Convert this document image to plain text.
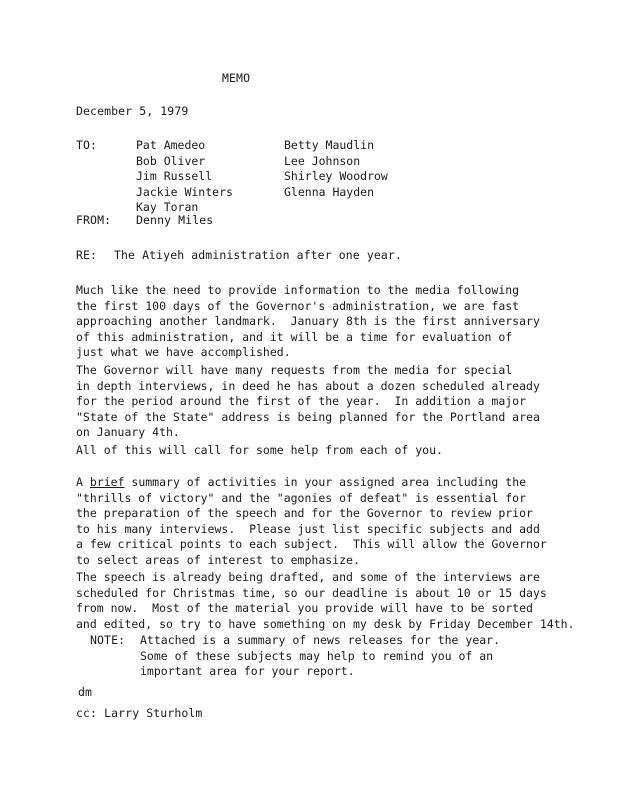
MEMO
December 5, 1979
TO:	Pat Amedeo
Bob Oliver
Jim Russell
Jackie Winters
Kay Toran
Betty Maudlin
Lee Johnson
Shirley Woodrow
Glenna Hayden
FROM: Denny Miles
RE: The Atiyeh administration after one year.
Much like the need to provide information to the media following
the first 100 days of the Governor's administration, we are fast
approaching another landmark.  January 8th is the first anniversary
of this administration, and it will be a time for evaluation of
just what we have accomplished.
The Governor will have many requests from the media for special
in depth interviews, in deed he has about a dozen scheduled already
for the period around the first of the year.  In addition a major
"State of the State" address is being planned for the Portland area
on January 4th.
All of this will call for some help from each of you.
A brief summary of activities in your assigned area including the
"thrills of victory" and the "agonies of defeat" is essential for
the preparation of the speech and for the Governor to review prior
to his many interviews.  Please just list specific subjects and add
a few critical points to each subject.  This will allow the Governor
to select areas of interest to emphasize.
The speech is already being drafted, and some of the interviews are
scheduled for Christmas time, so our deadline is about 10 or 15 days
from now.  Most of the material you provide will have to be sorted
and edited, so try to have something on my desk by Friday December 14th.
NOTE: Attached is a summary of news releases for the year.
Some of these subjects may help to remind you of an
important area for your report.
dm
cc: Larry Sturholm
